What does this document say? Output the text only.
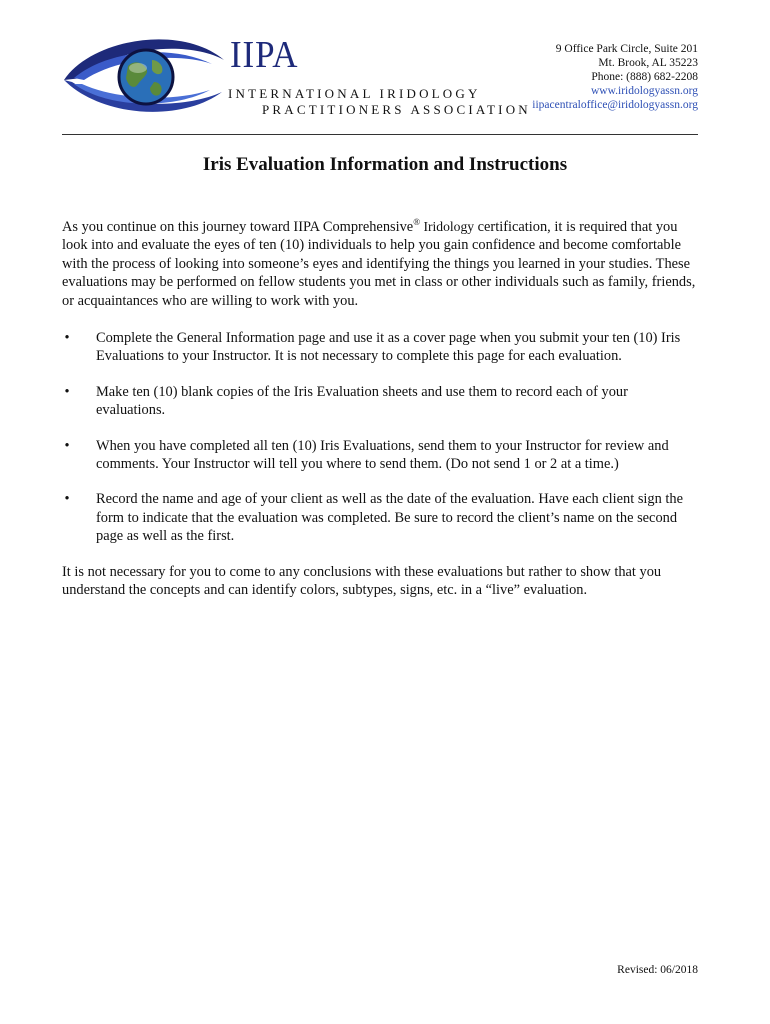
IIPA
INTERNATIONAL IRIDOLOGY
PRACTITIONERS ASSOCIATION
9 Office Park Circle, Suite 201
Mt. Brook, AL 35223
Phone: (888) 682-2208
www.iridologyassn.org
iipacentraloffice@iridologyassn.org
Iris Evaluation Information and Instructions

As you continue on this journey toward IIPA Comprehensive® Iridology certification, it is required that you look into and evaluate the eyes of ten (10) individuals to help you gain confidence and become comfortable with the process of looking into someone’s eyes and identifying the things you learned in your studies. These evaluations may be performed on fellow students you met in class or other individuals such as family, friends, or acquaintances who are willing to work with you.

• Complete the General Information page and use it as a cover page when you submit your ten (10) Iris Evaluations to your Instructor. It is not necessary to complete this page for each evaluation.
• Make ten (10) blank copies of the Iris Evaluation sheets and use them to record each of your evaluations.
• When you have completed all ten (10) Iris Evaluations, send them to your Instructor for review and comments. Your Instructor will tell you where to send them. (Do not send 1 or 2 at a time.)
• Record the name and age of your client as well as the date of the evaluation. Have each client sign the form to indicate that the evaluation was completed. Be sure to record the client’s name on the second page as well as the first.

It is not necessary for you to come to any conclusions with these evaluations but rather to show that you understand the concepts and can identify colors, subtypes, signs, etc. in a “live” evaluation.

Revised: 06/2018
